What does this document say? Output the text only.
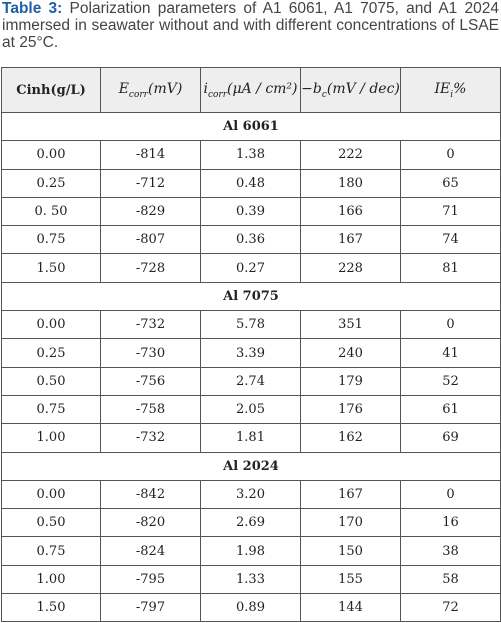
Table 3: Polarization parameters of A1 6061, A1 7075, and A1 2024 immersed in seawater without and with different concentrations of LSAE at 25°C.
Cinh(g/L)	$E_{corr}(mV)$	$i_{corr}(\mu A / cm^2)$	$-b_c(mV / dec)$	$IE_i\%$
Al 6061				
0.00	-814	1.38	222	0
0.25	-712	0.48	180	65
0. 50	-829	0.39	166	71
0.75	-807	0.36	167	74
1.50	-728	0.27	228	81
Al 7075				
0.00	-732	5.78	351	0
0.25	-730	3.39	240	41
0.50	-756	2.74	179	52
0.75	-758	2.05	176	61
1.00	-732	1.81	162	69
Al 2024				
0.00	-842	3.20	167	0
0.50	-820	2.69	170	16
0.75	-824	1.98	150	38
1.00	-795	1.33	155	58
1.50	-797	0.89	144	72
